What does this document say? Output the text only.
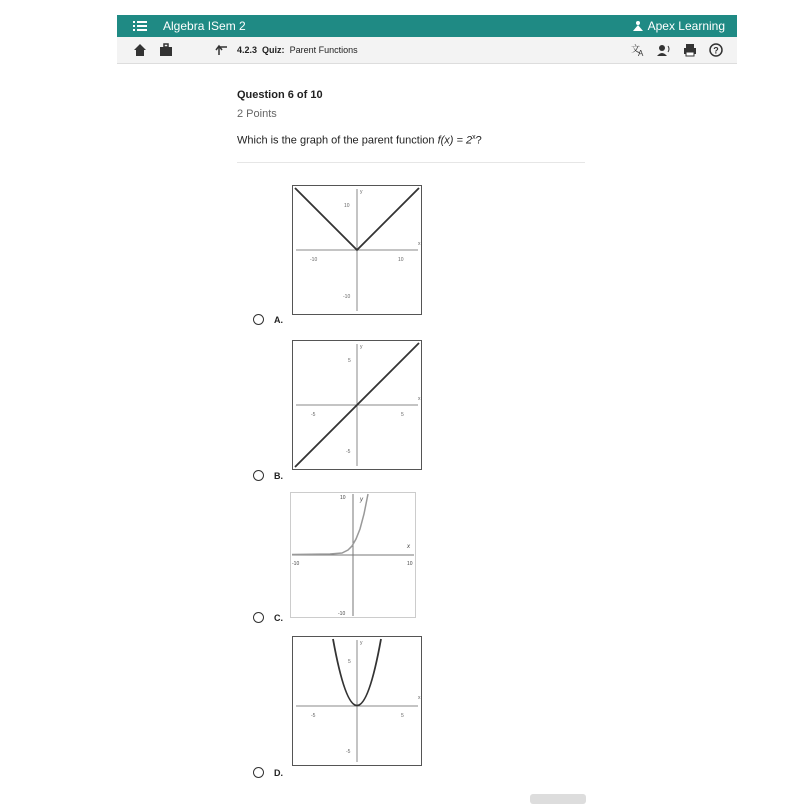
Algebra ISem 2	Apex Learning
4.2.3 Quiz: Parent Functions	文
A	?
Question 6 of 10
2 Points
Which is the graph of the parent function $f(x) = 2^x$?
y
x
10
-10
-10	10
A.
y
x
5
-5
-5	5
B.
y
x
10
-10
-10	10
C.
y
x
5
-5
-5	5
D.
